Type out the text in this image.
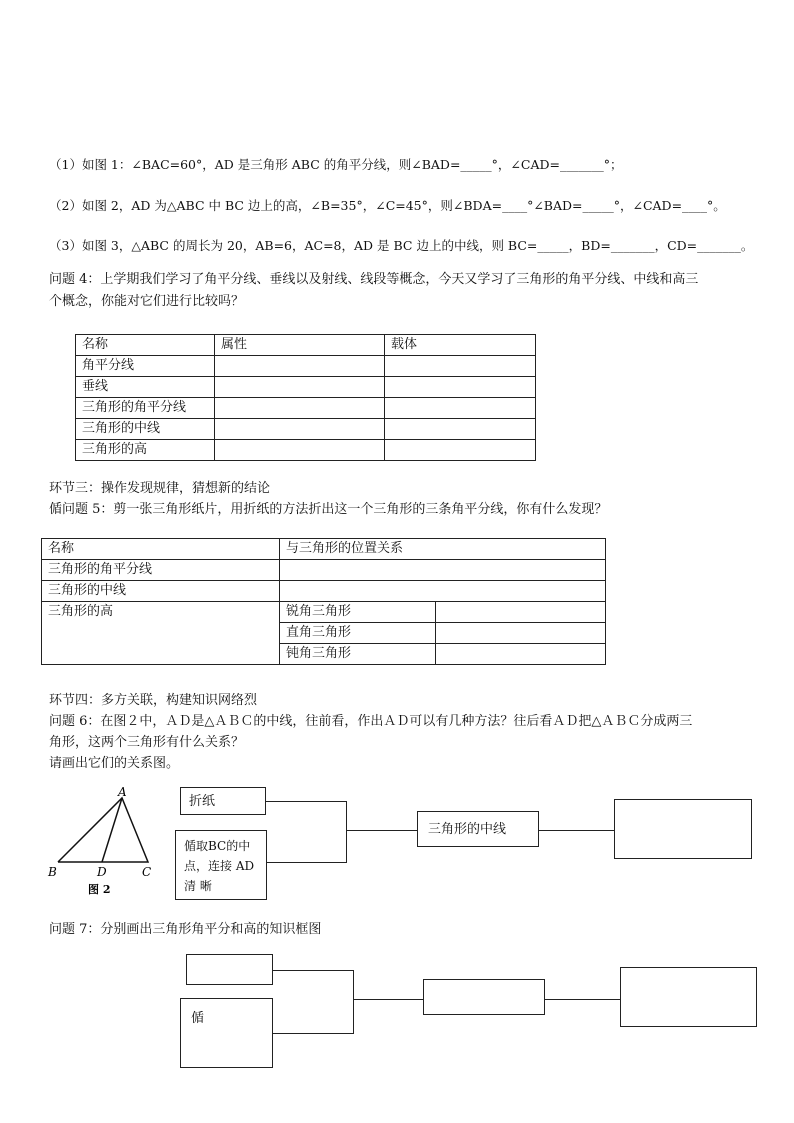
（1）如图 1：∠BAC=60°，AD 是三角形 ABC 的角平分线，则∠BAD=_____°，∠CAD=_______°；
（2）如图 2，AD 为△ABC 中 BC 边上的高，∠B=35°，∠C=45°，则∠BDA=____°∠BAD=_____°，∠CAD=____°。
（3）如图 3，△ABC 的周长为 20，AB=6，AC=8，AD 是 BC 边上的中线，则 BC=_____，BD=_______，CD=_______。
问题 4：上学期我们学习了角平分线、垂线以及射线、线段等概念，今天又学习了三角形的角平分线、中线和高三
个概念，你能对它们进行比较吗？
名称	属性	载体
角平分线		
垂线		
三角形的角平分线		
三角形的中线		
三角形的高		
环节三：操作发现规律，猜想新的结论
偱问题 5：剪一张三角形纸片，用折纸的方法折出这一个三角形的三条角平分线，你有什么发现？
名称	与三角形的位置关系	
三角形的角平分线		
三角形的中线		
三角形的高	锐角三角形	
	直角三角形	
	钝角三角形	
环节四：多方关联，构建知识网络烈
问题 6：在图２中，ＡＤ是△ＡＢＣ的中线，往前看，作出ＡＤ可以有几种方法？往后看ＡＤ把△ＡＢＣ分成两三
角形，这两个三角形有什么关系？
请画出它们的关系图。
A
B	D	C
图 2
折纸
偱取BC的中
点，连接 AD
清 晰
三角形的中线
问题 7：分别画出三角形角平分和高的知识框图
偱
